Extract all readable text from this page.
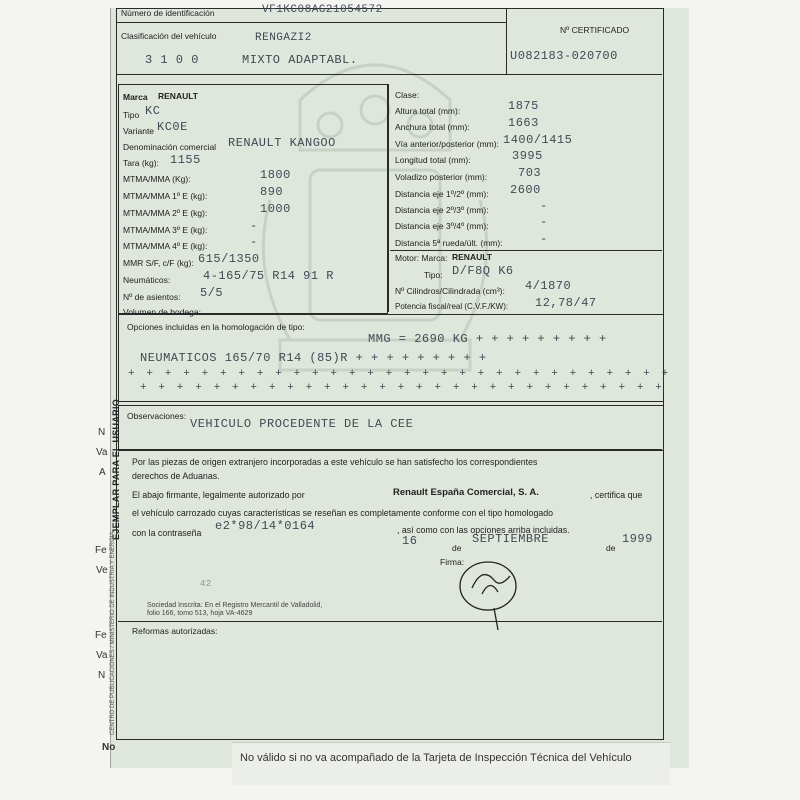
N
Va
A
Fe
Ve
Fe
Va
N
No
Número de identificación	VF1KC08AG21054572
Nº CERTIFICADO
U082183-020700
Clasificación del vehículo	RENGAZI2
3 1 0 0	MIXTO ADAPTABL.
Marca RENAULT
Tipo KC
Variante KC0E
Denominación comercial RENAULT KANGOO
Tara (kg): 1155
MTMA/MMA (Kg):	1800
MTMA/MMA 1º E (kg):	890
MTMA/MMA 2º E (kg):	1000
MTMA/MMA 3º E (kg):	-
MTMA/MMA 4º E (kg):	-
MMR S/F, c/F (kg): 615/1350
Neumáticos:	4-165/75 R14 91 R
Nº de asientos: 5/5
Volumen de bodega:
Clase:
Altura total (mm):	1875
Anchura total (mm):	1663
Vía anterior/posterior (mm): 1400/1415
Longitud total (mm):	3995
Voladizo posterior (mm):	703
Distancia eje 1º/2º (mm): 2600
Distancia eje 2º/3º (mm):	-
Distancia eje 3º/4º (mm):	-
Distancia 5ª rueda/últ. (mm):	-
Motor: Marca: RENAULT
Tipo: D/F8Q K6
Nº Cilindros/Cilindrada (cm³): 4/1870
Potencia fiscal/real (C.V.F./KW): 12,78/47
Opciones incluidas en la homologación de tipo:
MMG = 2690 KG + + + + + + + + +
NEUMATICOS 165/70 R14 (85)R + + + + + + + + +
+ + + + + + + + + + + + + + + + + + + + + + + + + + + + + +
+ + + + + + + + + + + + + + + + + + + + + + + + + + + + +
Observaciones:
VEHICULO PROCEDENTE DE LA CEE
Por las piezas de origen extranjero incorporadas a este vehículo se han satisfecho los correspondientes
derechos de Aduanas.
El abajo firmante, legalmente autorizado por	Renault España Comercial, S. A.	, certifica que
el vehículo carrozado cuyas características se reseñan es completamente conforme con el tipo homologado
con la contraseña e2*98/14*0164	, así como con las opciones arriba incluidas.
16	de
SEPTIEMBRE
de
1999
Firma:
42
Sociedad Inscrita: En el Registro Mercantil de Valladolid, folio 166, tomo 513, hoja VA-4629
Reformas autorizadas:
EJEMPLAR PARA EL USUARIO
CENTRO DE PUBLICACIONES / MINISTERIO DE INDUSTRIA Y ENERGIA
No válido si no va acompañado de la Tarjeta de Inspección Técnica del Vehículo
